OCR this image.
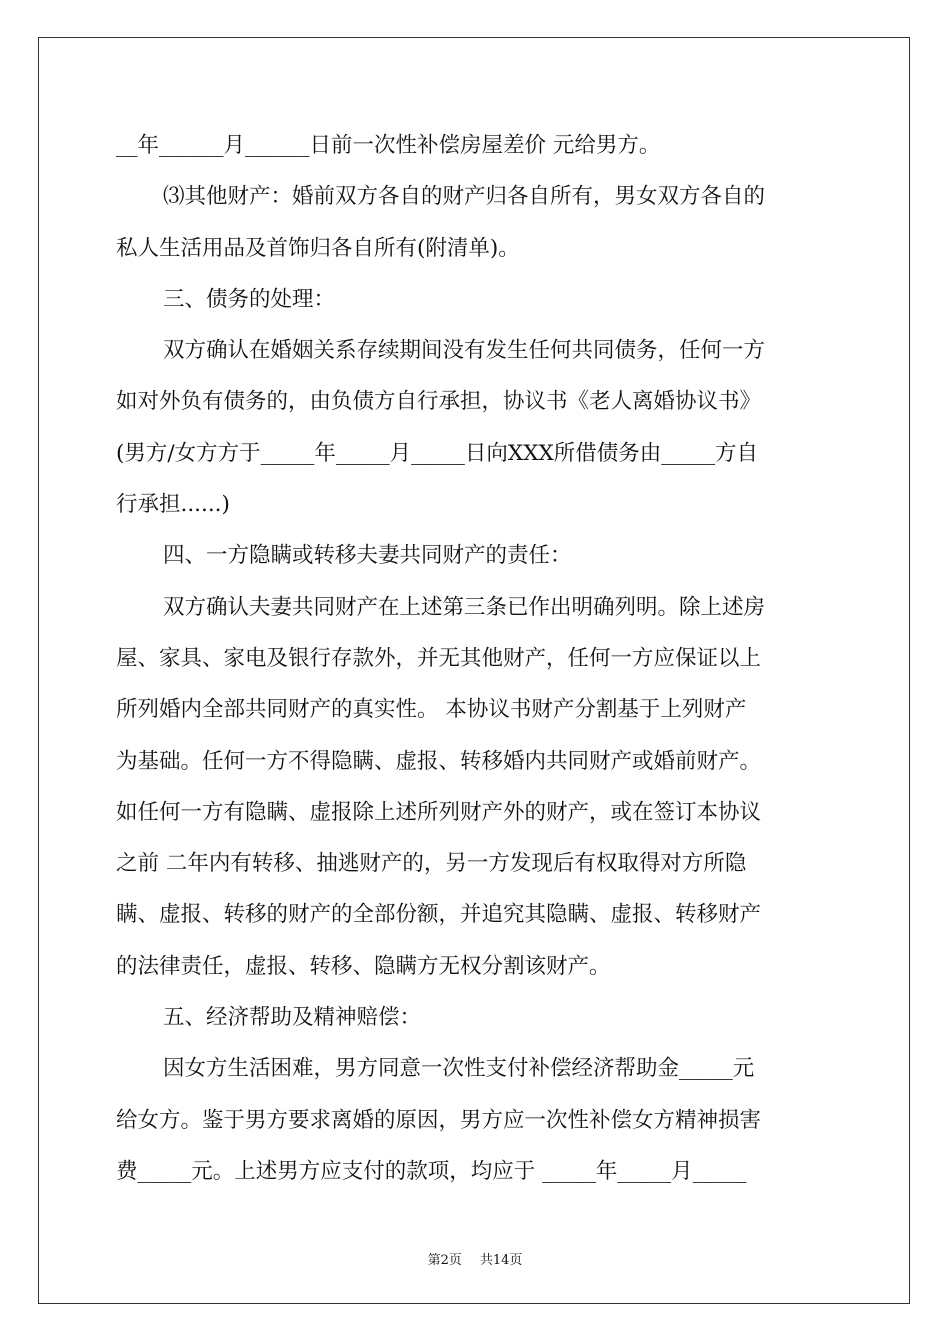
__年______月______日前一次性补偿房屋差价 元给男方。
⑶其他财产：婚前双方各自的财产归各自所有，男女双方各自的
私人生活用品及首饰归各自所有(附清单)。
三、债务的处理：
双方确认在婚姻关系存续期间没有发生任何共同债务，任何一方
如对外负有债务的，由负债方自行承担，协议书《老人离婚协议书》
(男方/女方方于_____年_____月_____日向XXX所借债务由_____方自
行承担......)
四、一方隐瞒或转移夫妻共同财产的责任：
双方确认夫妻共同财产在上述第三条已作出明确列明。除上述房
屋、家具、家电及银行存款外，并无其他财产，任何一方应保证以上
所列婚内全部共同财产的真实性。 本协议书财产分割基于上列财产
为基础。任何一方不得隐瞒、虚报、转移婚内共同财产或婚前财产。
如任何一方有隐瞒、虚报除上述所列财产外的财产，或在签订本协议
之前 二年内有转移、抽逃财产的，另一方发现后有权取得对方所隐
瞒、虚报、转移的财产的全部份额，并追究其隐瞒、虚报、转移财产
的法律责任，虚报、转移、隐瞒方无权分割该财产。
五、经济帮助及精神赔偿：
因女方生活困难，男方同意一次性支付补偿经济帮助金_____元
给女方。鉴于男方要求离婚的原因，男方应一次性补偿女方精神损害
费_____元。上述男方应支付的款项，均应于 _____年_____月_____
第2页 共14页
